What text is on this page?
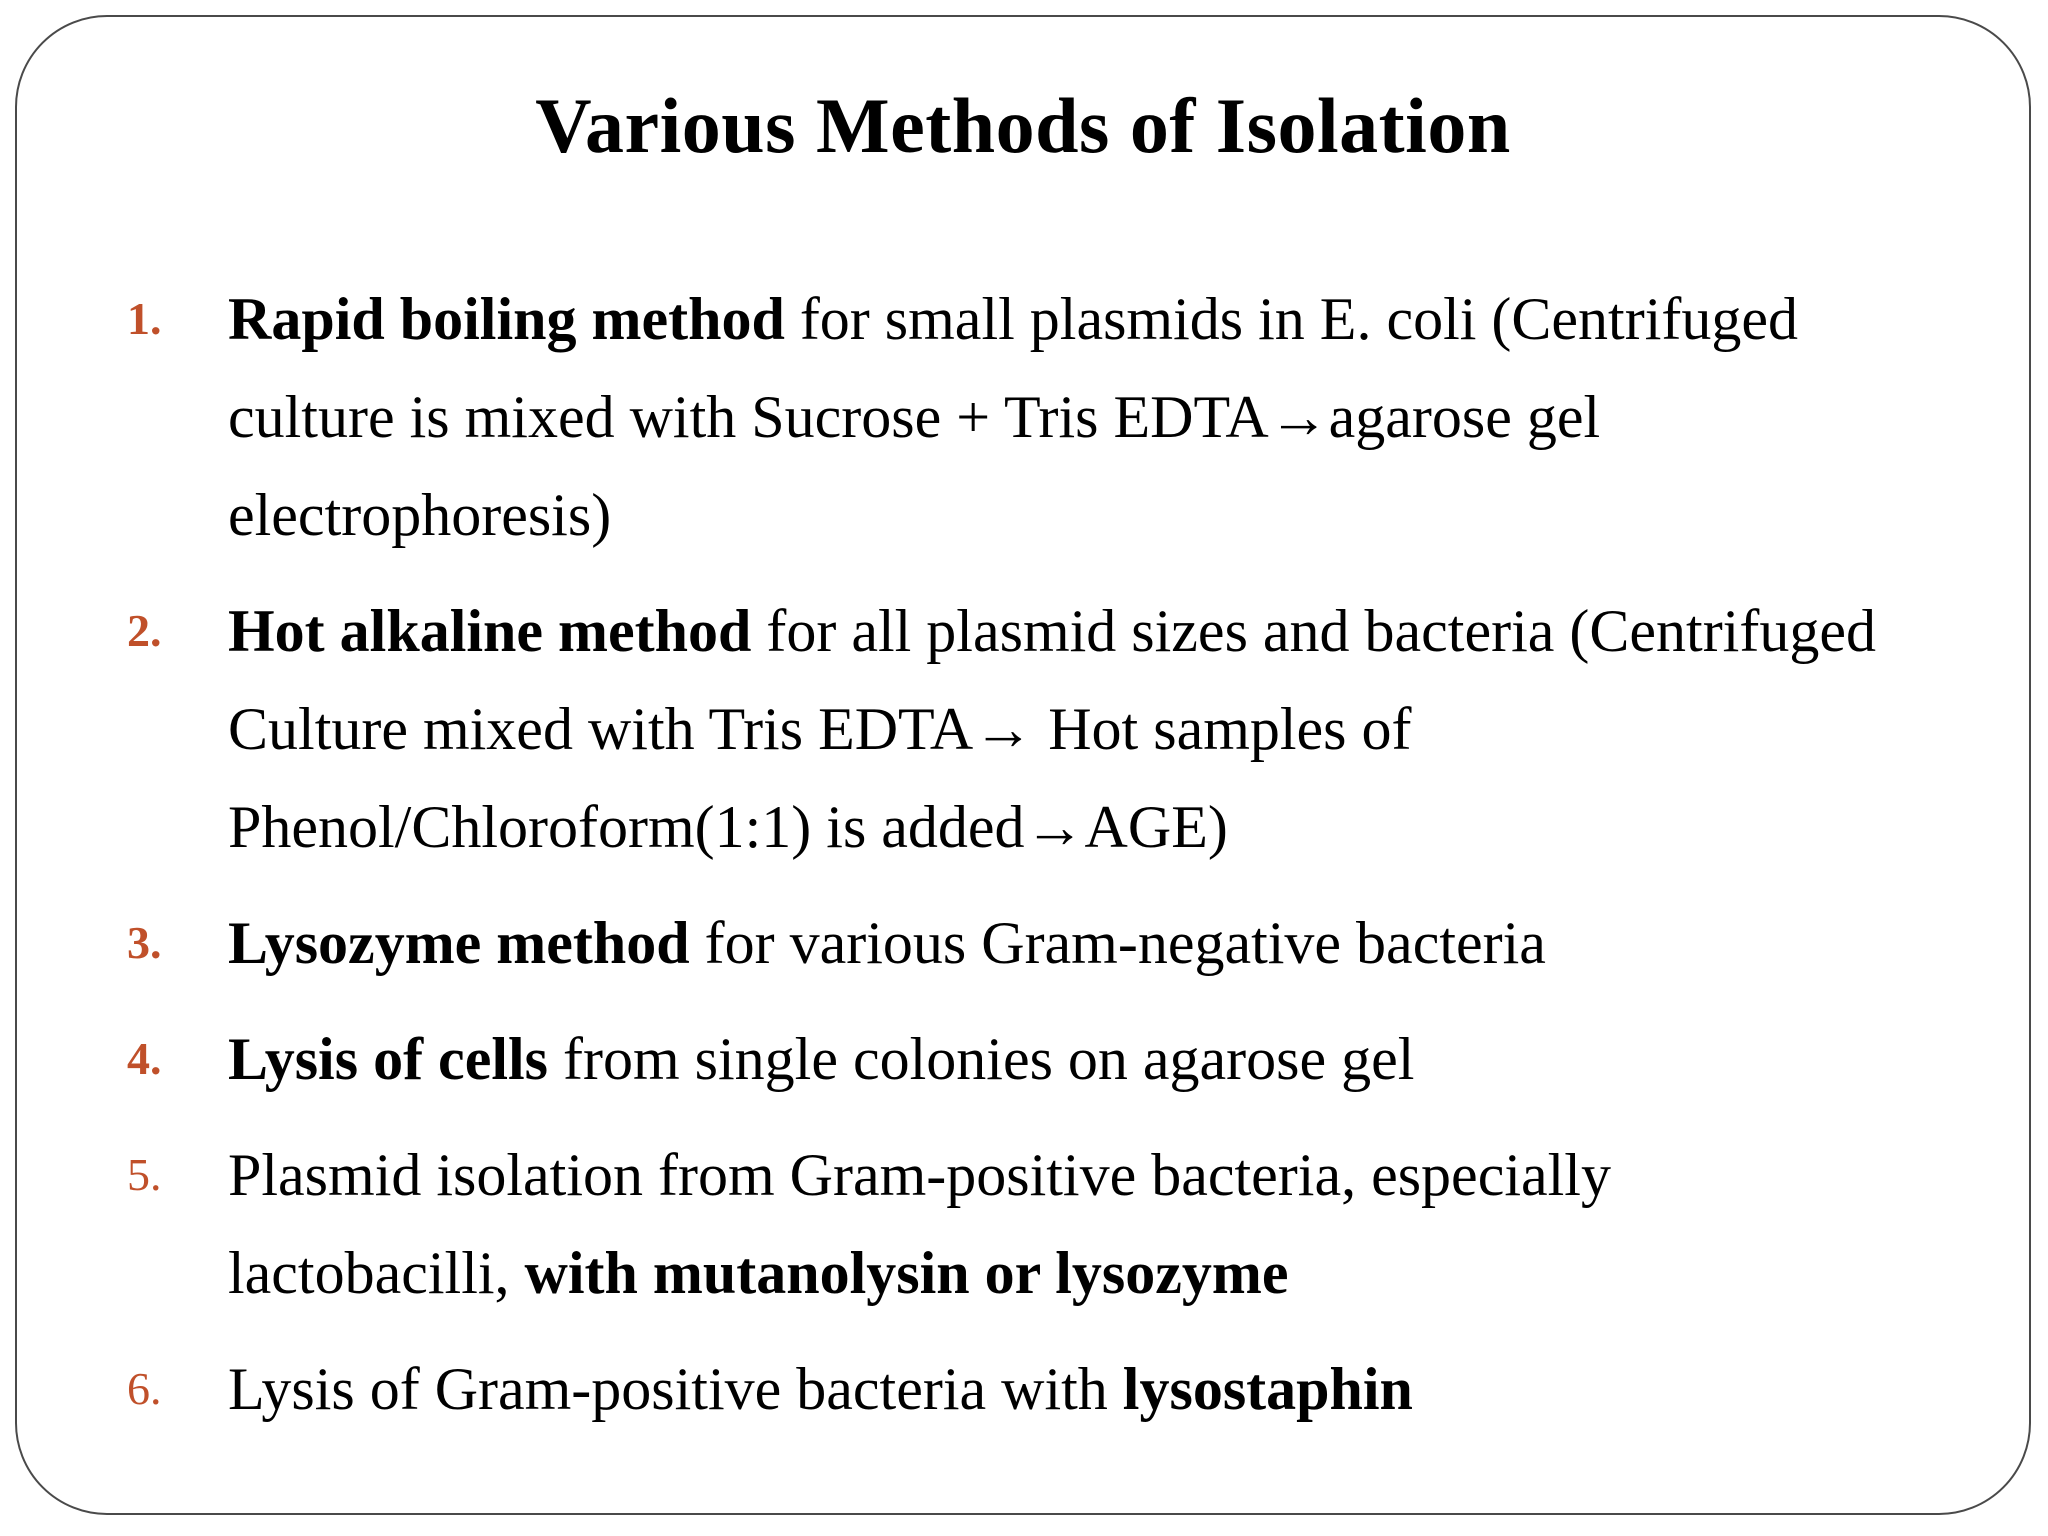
Various Methods of Isolation
1.	Rapid boiling method for small plasmids in E. coli (Centrifuged culture is mixed with Sucrose + Tris EDTA→agarose gel electrophoresis)
2.	Hot alkaline method for all plasmid sizes and bacteria (Centrifuged Culture mixed with Tris EDTA→ Hot samples of Phenol/Chloroform(1:1) is added→AGE)
3.	Lysozyme method for various Gram-negative bacteria
4.	Lysis of cells from single colonies on agarose gel
5.	Plasmid isolation from Gram-positive bacteria, especially lactobacilli, with mutanolysin or lysozyme
6.	Lysis of Gram-positive bacteria with lysostaphin
